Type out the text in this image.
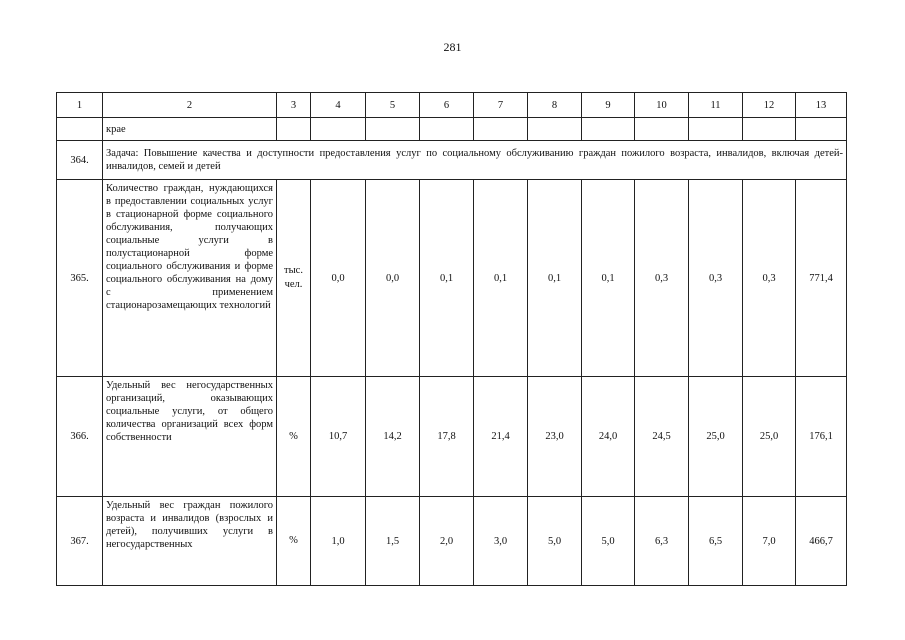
281
1	2	3	4	5	6	7	8	9	10	11	12	13
	крае											
364.	Задача: Повышение качества и доступности предоставления услуг по социальному обслуживанию граждан пожилого возраста, инвалидов, включая детей-инвалидов, семей и детей											
365.	Количество граждан, нуждающихся в предоставлении социальных услуг в стационарной форме социального обслуживания, получающих социальные услуги в полустационарной форме социального обслуживания и форме социального обслуживания на дому с применением стационарозамещающих технологий	тыс. чел.	0,0	0,0	0,1	0,1	0,1	0,1	0,3	0,3	0,3	771,4
366.	Удельный вес негосударственных организаций, оказывающих социальные услуги, от общего количества организаций всех форм собственности	%	10,7	14,2	17,8	21,4	23,0	24,0	24,5	25,0	25,0	176,1
367.	Удельный вес граждан пожилого возраста и инвалидов (взрослых и детей), получивших услуги в негосударственных	%	1,0	1,5	2,0	3,0	5,0	5,0	6,3	6,5	7,0	466,7
